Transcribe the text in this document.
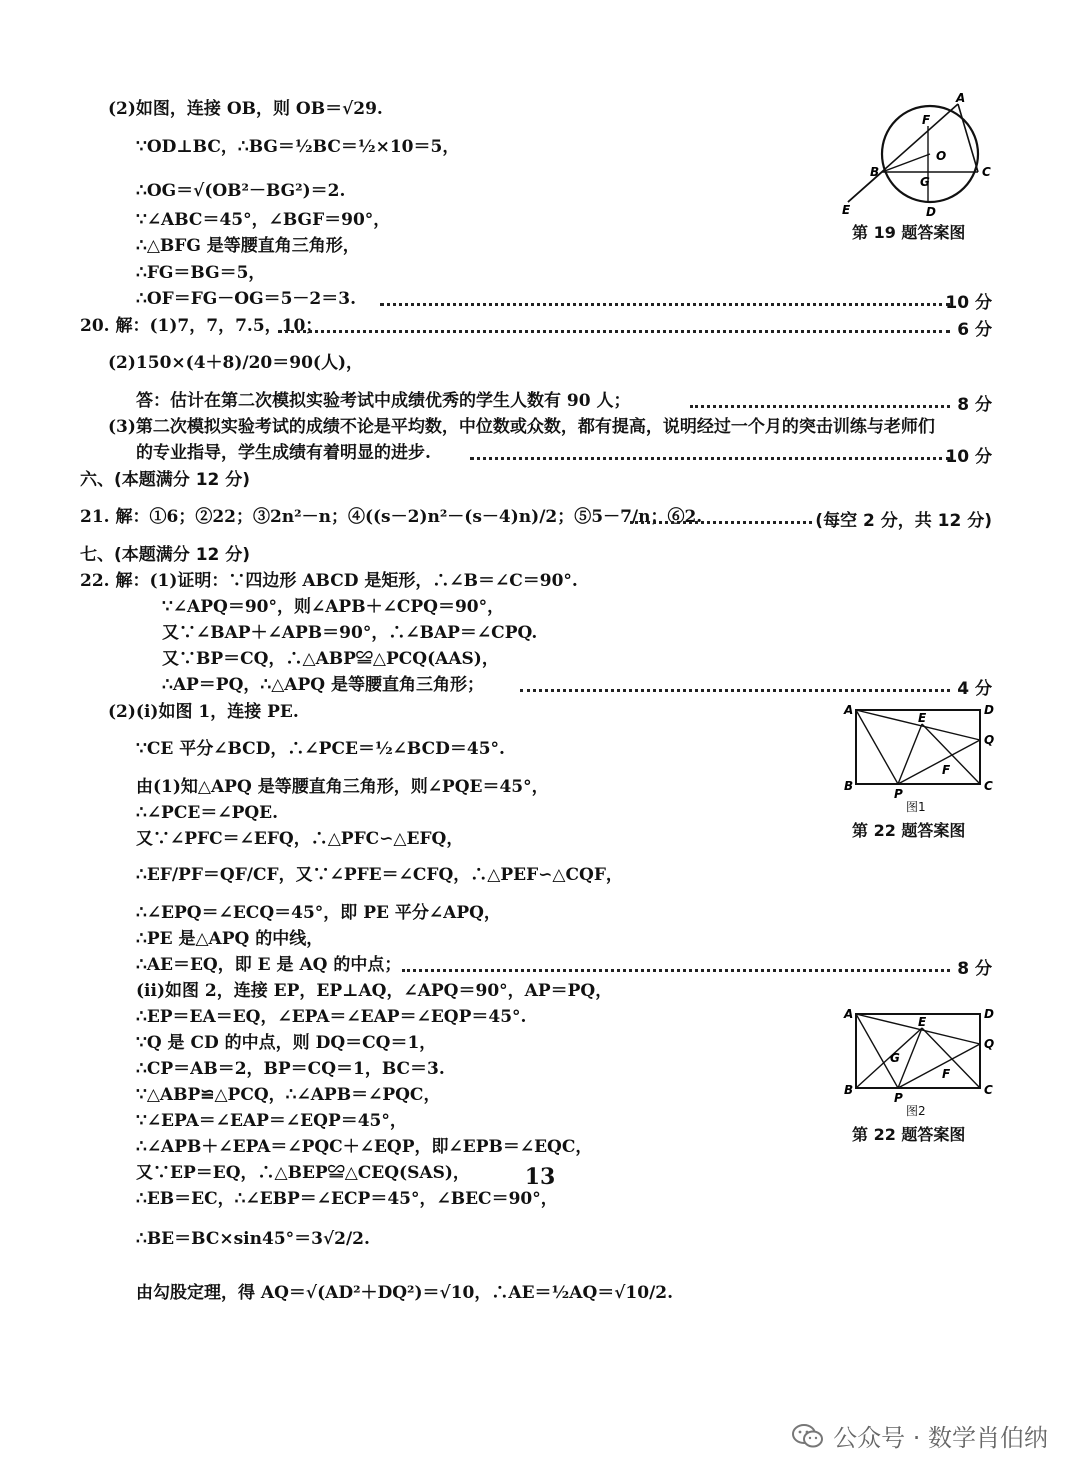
(2)如图，连接 OB，则 OB＝√29.
∵OD⊥BC，∴BG＝½BC＝½×10＝5，
∴OG＝√(OB²－BG²)＝2.
∵∠ABC＝45°，∠BGF＝90°，
∴△BFG 是等腰直角三角形，
∴FG＝BG＝5，
∴OF＝FG－OG＝5－2＝3.	10 分
20. 解：(1)7，7，7.5，10；	6 分
(2)150×(4＋8)/20＝90(人)，
答：估计在第二次模拟实验考试中成绩优秀的学生人数有 90 人；	8 分
(3)第二次模拟实验考试的成绩不论是平均数，中位数或众数，都有提高，说明经过一个月的突击训练与老师们
的专业指导，学生成绩有着明显的进步.	10 分
六、(本题满分 12 分)
21. 解：①6；②22；③2n²－n；④((s－2)n²－(s－4)n)/2；⑤5－7/n；⑥2.	(每空 2 分，共 12 分)
七、(本题满分 12 分)
22. 解：(1)证明：∵四边形 ABCD 是矩形，∴∠B＝∠C＝90°.
∵∠APQ＝90°，则∠APB＋∠CPQ＝90°，
又∵∠BAP＋∠APB＝90°，∴∠BAP＝∠CPQ.
又∵BP＝CQ，∴△ABP≌△PCQ(AAS)，
∴AP＝PQ，∴△APQ 是等腰直角三角形；	4 分
(2)(i)如图 1，连接 PE.
∵CE 平分∠BCD，∴∠PCE＝½∠BCD＝45°.
由(1)知△APQ 是等腰直角三角形，则∠PQE＝45°，
∴∠PCE＝∠PQE.
又∵∠PFC＝∠EFQ，∴△PFC∽△EFQ，
∴EF/PF＝QF/CF，又∵∠PFE＝∠CFQ，∴△PEF∽△CQF，
∴∠EPQ＝∠ECQ＝45°，即 PE 平分∠APQ，
∴PE 是△APQ 的中线，
∴AE＝EQ，即 E 是 AQ 的中点；	8 分
(ii)如图 2，连接 EP，EP⊥AQ，∠APQ＝90°，AP＝PQ，
∴EP＝EA＝EQ，∠EPA＝∠EAP＝∠EQP＝45°.
∵Q 是 CD 的中点，则 DQ＝CQ＝1，
∴CP＝AB＝2，BP＝CQ＝1，BC＝3.
∵△ABP≌△PCQ，∴∠APB＝∠PQC，
∵∠EPA＝∠EAP＝∠EQP＝45°，
∴∠APB＋∠EPA＝∠PQC＋∠EQP，即∠EPB＝∠EQC，
又∵EP＝EQ，∴△BEP≌△CEQ(SAS)，
∴EB＝EC，∴∠EBP＝∠ECP＝45°，∠BEC＝90°，
∴BE＝BC×sin45°＝3√2/2.
由勾股定理，得 AQ＝√(AD²＋DQ²)＝√10，∴AE＝½AQ＝√10/2.
A
F
O
B
G
C
E	D
第 19 题答案图
A	D
E
Q
F
B
P
C
图1
第 22 题答案图
A	D
E
Q
G
F
B
P
C
图2
第 22 题答案图
13
公众号 · 数学肖伯纳
